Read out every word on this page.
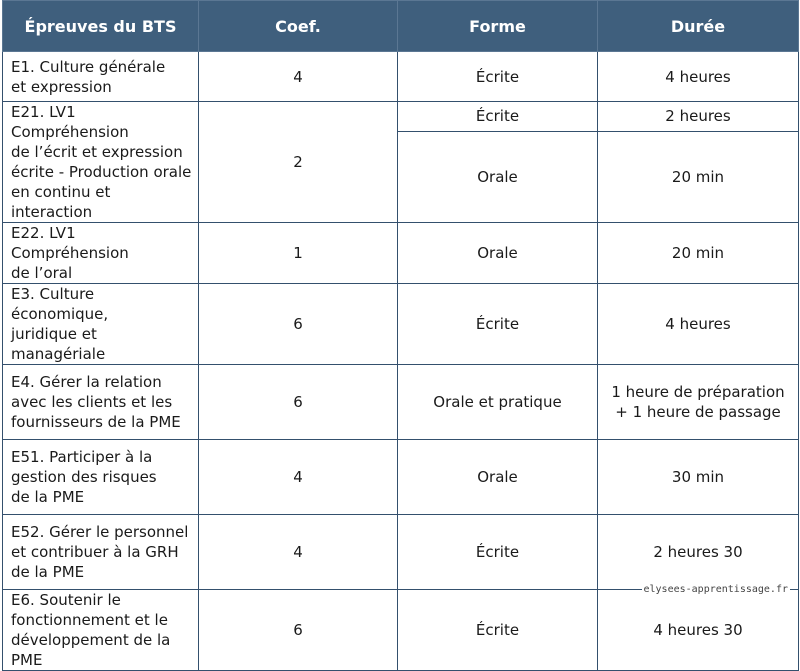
Épreuves du BTS	Coef.	Forme	Durée

E1. Culture générale
et expression	4	Écrite	4 heures

E21. LV1 Compréhension
de l’écrit et expression
écrite - Production orale
en continu et interaction	2	Écrite	2 heures
		Orale	20 min

E22. LV1 Compréhension
de l’oral	1	Orale	20 min

E3. Culture économique,
juridique et managériale	6	Écrite	4 heures

E4. Gérer la relation
avec les clients et les
fournisseurs de la PME	6	Orale et pratique	1 heure de préparation
+ 1 heure de passage

E51. Participer à la
gestion des risques
de la PME	4	Orale	30 min

E52. Gérer le personnel
et contribuer à la GRH
de la PME	4	Écrite	2 heures 30

E6. Soutenir le
fonctionnement et le
développement de la PME	6	Écrite	4 heures 30
elysees-apprentissage.fr
